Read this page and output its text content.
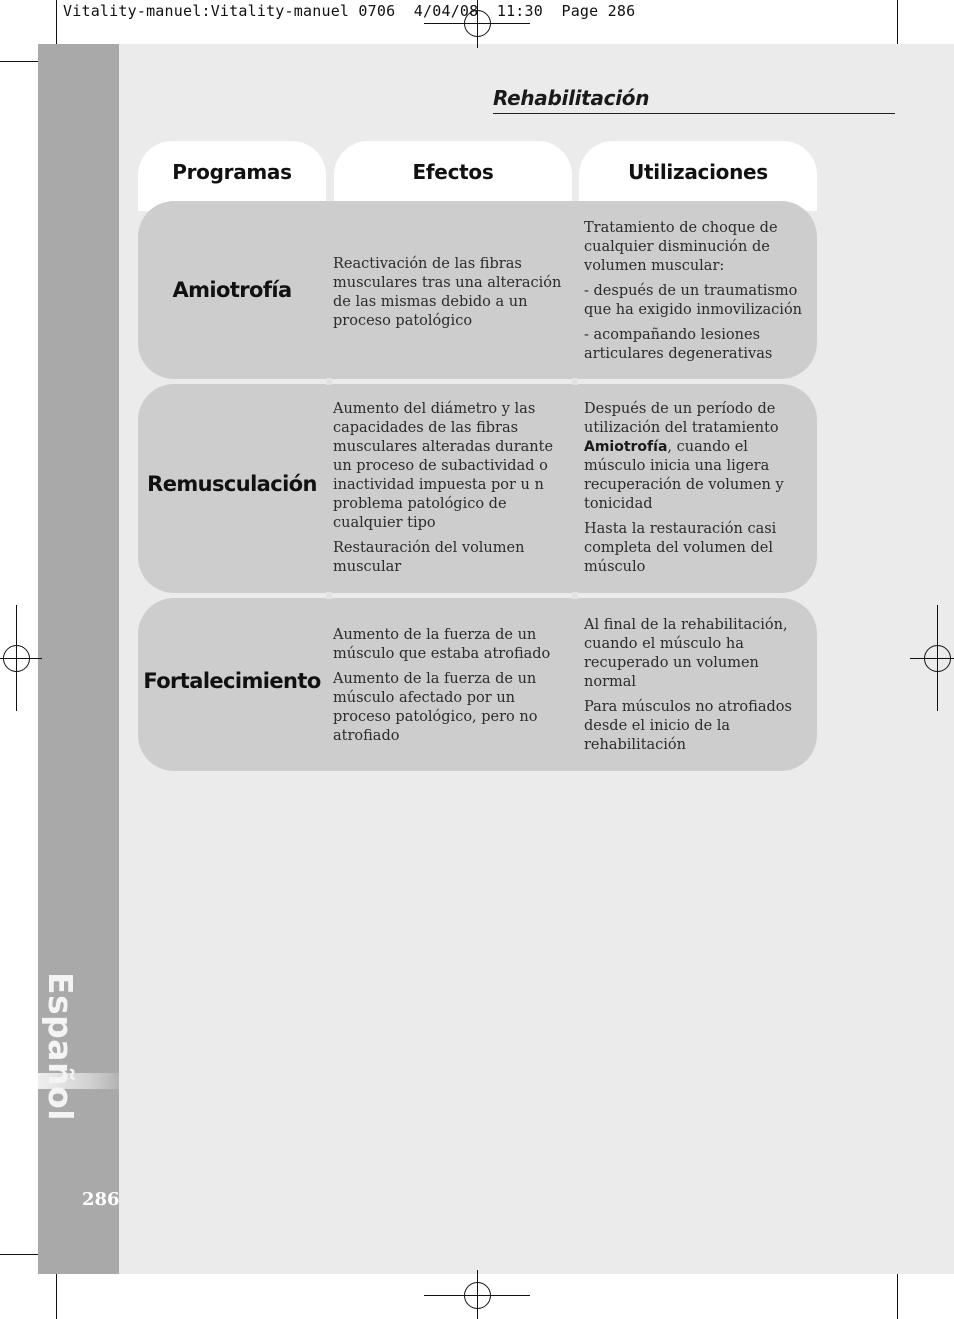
Español
286
Vitality-manuel:Vitality-manuel 0706  4/04/08  11:30  Page 286
Rehabilitación
Programas	Efectos	Utilizaciones
Amiotrofía

Reactivación de las fibras musculares tras una alteración de las mismas debido a un proceso patológico

Tratamiento de choque de cualquier disminución de volumen muscular:

- después de un traumatismo que ha exigido inmovilización

- acompañando lesiones articulares degenerativas

Remusculación

Aumento del diámetro y las capacidades de las fibras musculares alteradas durante un proceso de subactividad o inactividad impuesta por u n problema patológico de cualquier tipo

Restauración del volumen muscular

Después de un período de utilización del tratamiento Amiotrofía, cuando el músculo inicia una ligera recuperación de volumen y tonicidad

Hasta la restauración casi completa del volumen del músculo

Fortalecimiento

Aumento de la fuerza de un músculo que estaba atrofiado

Aumento de la fuerza de un músculo afectado por un proceso patológico, pero no atrofiado

Al final de la rehabilitación, cuando el músculo ha recuperado un volumen normal

Para músculos no atrofiados desde el inicio de la rehabilitación
